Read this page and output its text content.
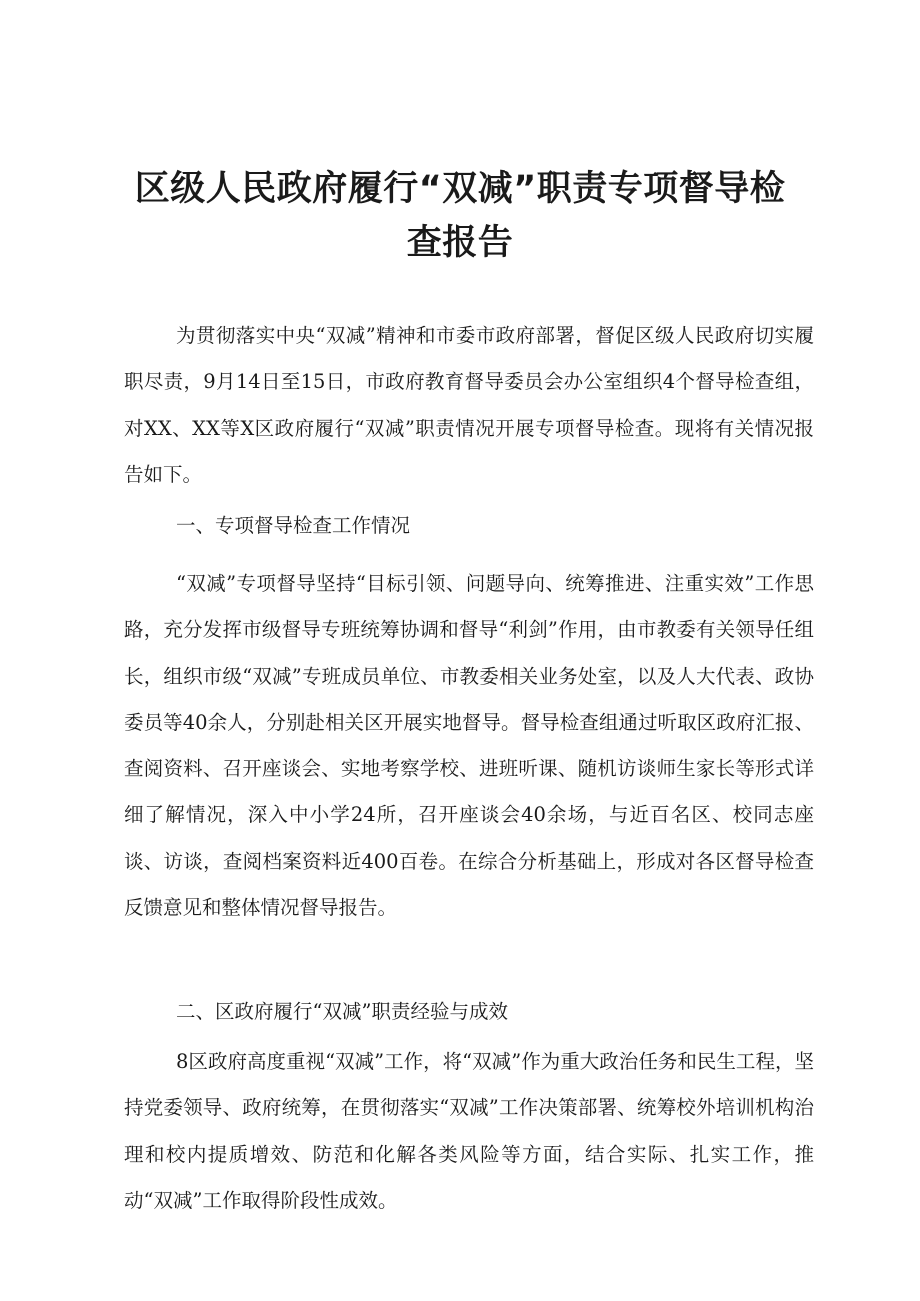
区级人民政府履行“双减”职责专项督导检
查报告

为贯彻落实中央“双减”精神和市委市政府部署，督促区级人民政府切实履职尽责，9月14日至15日，市政府教育督导委员会办公室组织4个督导检查组，对XX、XX等X区政府履行“双减”职责情况开展专项督导检查。现将有关情况报告如下。

一、专项督导检查工作情况

“双减”专项督导坚持“目标引领、问题导向、统筹推进、注重实效”工作思路，充分发挥市级督导专班统筹协调和督导“利剑”作用，由市教委有关领导任组长，组织市级“双减”专班成员单位、市教委相关业务处室，以及人大代表、政协委员等40余人，分别赴相关区开展实地督导。督导检查组通过听取区政府汇报、查阅资料、召开座谈会、实地考察学校、进班听课、随机访谈师生家长等形式详细了解情况，深入中小学24所，召开座谈会40余场，与近百名区、校同志座谈、访谈，查阅档案资料近400百卷。在综合分析基础上，形成对各区督导检查反馈意见和整体情况督导报告。

二、区政府履行“双减”职责经验与成效

8区政府高度重视“双减”工作，将“双减”作为重大政治任务和民生工程，坚持党委领导、政府统筹，在贯彻落实“双减”工作决策部署、统筹校外培训机构治理和校内提质增效、防范和化解各类风险等方面，结合实际、扎实工作，推动“双减”工作取得阶段性成效。
